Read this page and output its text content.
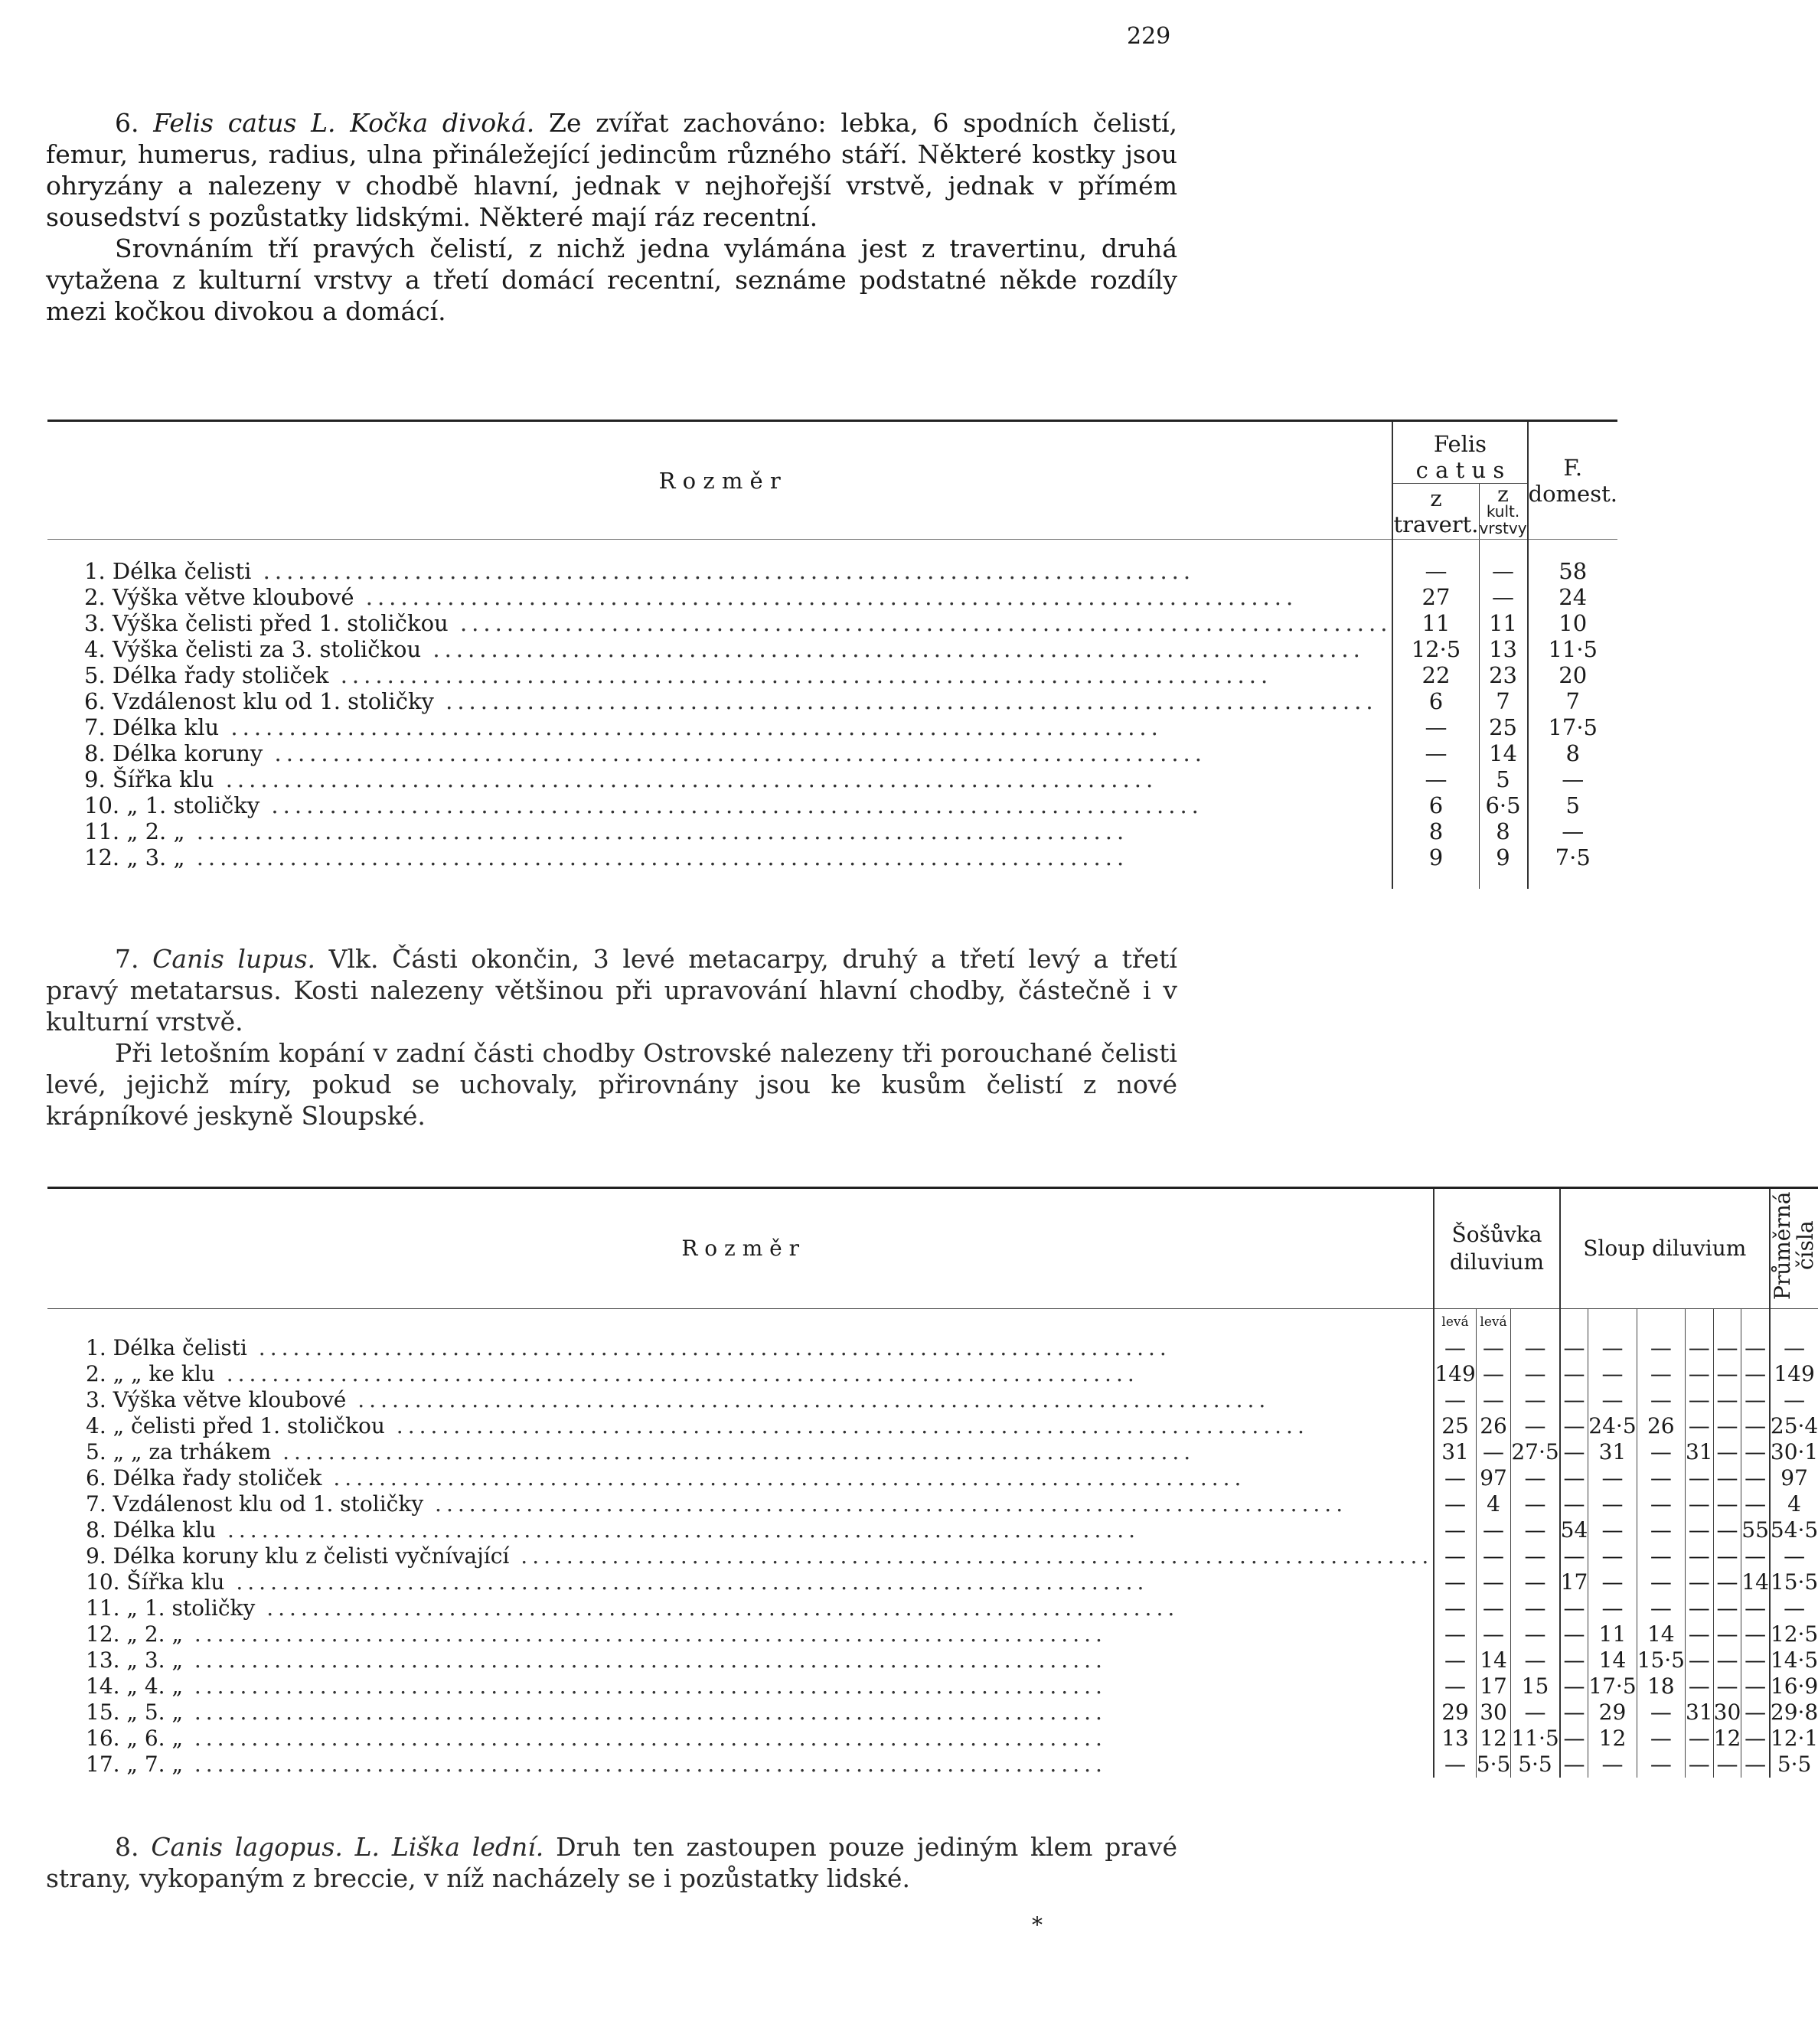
229

6. Felis catus L. Kočka divoká. Ze zvířat zachováno: lebka, 6 spodních čelistí, femur, humerus, radius, ulna přináležející jedincům různého stáří. Některé kostky jsou ohryzány a nalezeny v chodbě hlavní, jednak v nejhořejší vrstvě, jednak v přímém sousedství s pozůstatky lidskými. Některé mají ráz recentní.
Srovnáním tří pravých čelistí, z nichž jedna vylámána jest z travertinu, druhá vytažena z kulturní vrstvy a třetí domácí recentní, seznáme podstatné někde rozdíly mezi kočkou divokou a domácí.

R o z m ě r	Felis
c a t u s		F. domest.
	z travert.	z
kult. vrstvy	

1. Délka čelisti ................................................................................	—	—	58
2. Výška větve kloubové ................................................................................	27	—	24
3. Výška čelisti před 1. stoličkou ................................................................................	11	11	10
4. Výška čelisti za 3. stoličkou ................................................................................	12·5	13	11·5
5. Délka řady stoliček ................................................................................	22	23	20
6. Vzdálenost klu od 1. stoličky ................................................................................	6	7	7
7. Délka klu ................................................................................	—	25	17·5
8. Délka koruny ................................................................................	—	14	8
9. Šířka klu ................................................................................	—	5	—
10. „ 1. stoličky ................................................................................	6	6·5	5
11. „ 2. „ ................................................................................	8	8	—
12. „ 3. „ ................................................................................	9	9	7·5

7. Canis lupus. Vlk. Části okončin, 3 levé metacarpy, druhý a třetí levý a třetí pravý metatarsus. Kosti nalezeny většinou při upravování hlavní chodby, částečně i v kulturní vrstvě.
Při letošním kopání v zadní části chodby Ostrovské nalezeny tři porouchané čelisti levé, jejichž míry, pokud se uchovaly, přirovnány jsou ke kusům čelistí z nové krápníkové jeskyně Sloupské.

R o z m ě r	Šošůvka diluvium			Sloup diluvium						Průměrná čísla
	levá	levá								
1. Délka čelisti ................................................................................	—	—	—	—	—	—	—	—	—	—
2. „ „ ke klu ................................................................................	149	—	—	—	—	—	—	—	—	149
3. Výška větve kloubové ................................................................................	—	—	—	—	—	—	—	—	—	—
4. „ čelisti před 1. stoličkou ................................................................................	25	26	—	—	24·5	26	—	—	—	25·4
5. „ „ za trhákem ................................................................................	31	—	27·5	—	31	—	31	—	—	30·1
6. Délka řady stoliček ................................................................................	—	97	—	—	—	—	—	—	—	97
7. Vzdálenost klu od 1. stoličky ................................................................................	—	4	—	—	—	—	—	—	—	4
8. Délka klu ................................................................................	—	—	—	54	—	—	—	—	55	54·5
9. Délka koruny klu z čelisti vyčnívající ................................................................................	—	—	—	—	—	—	—	—	—	—
10. Šířka klu ................................................................................	—	—	—	17	—	—	—	—	14	15·5
11. „ 1. stoličky ................................................................................	—	—	—	—	—	—	—	—	—	—
12. „ 2. „ ................................................................................	—	—	—	—	11	14	—	—	—	12·5
13. „ 3. „ ................................................................................	—	14	—	—	14	15·5	—	—	—	14·5
14. „ 4. „ ................................................................................	—	17	15	—	17·5	18	—	—	—	16·9
15. „ 5. „ ................................................................................	29	30	—	—	29	—	31	30	—	29·8
16. „ 6. „ ................................................................................	13	12	11·5	—	12	—	—	12	—	12·1
17. „ 7. „ ................................................................................	—	5·5	5·5	—	—	—	—	—	—	5·5

8. Canis lagopus. L. Liška lední. Druh ten zastoupen pouze jediným klem pravé strany, vykopaným z breccie, v níž nacházely se i pozůstatky lidské.

*
